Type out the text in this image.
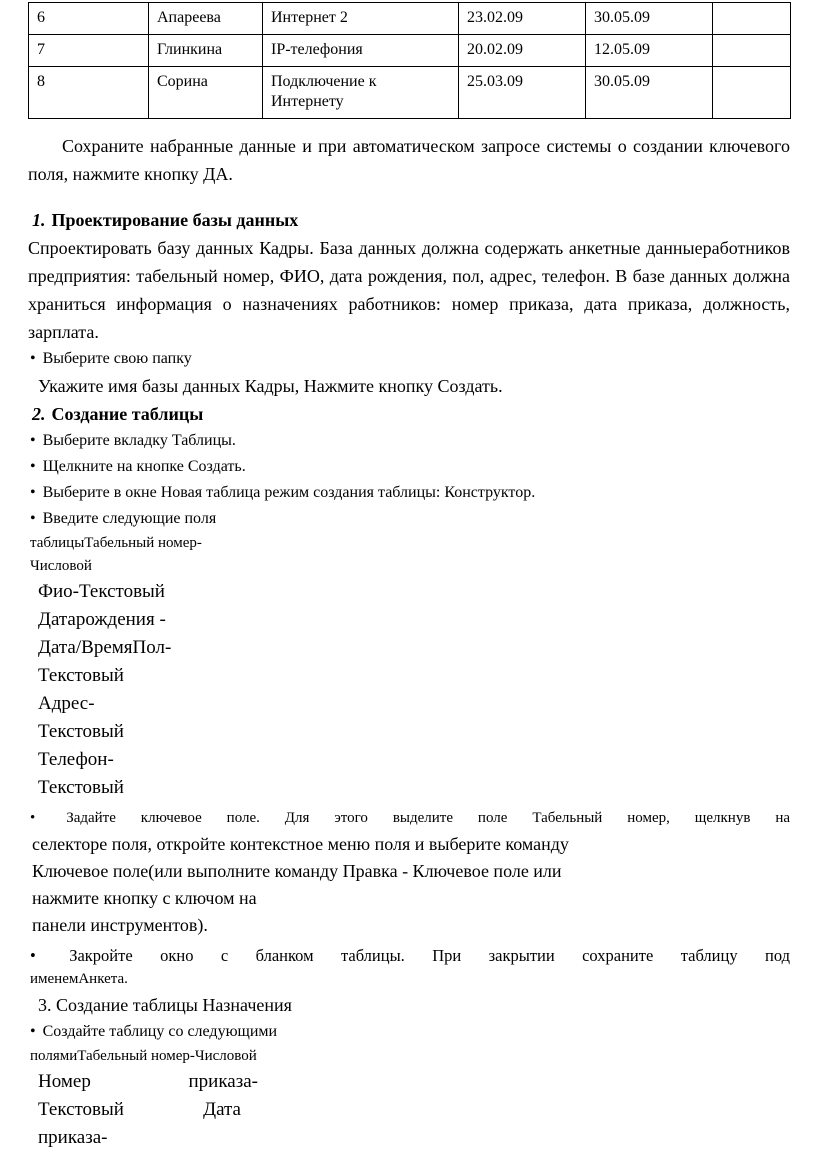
6	Апареева	Интернет 2	23.02.09	30.05.09	
7	Глинкина	IP-телефония	20.02.09	12.05.09	
8	Сорина	Подключение к Интернету	25.03.09	30.05.09	

Сохраните набранные данные и при автоматическом запросе системы о создании ключевого поля, нажмите кнопку ДА.

1. Проектирование базы данных

Спроектировать базу данных Кадры. База данных должна содержать анкетные данныеработников предприятия: табельный номер, ФИО, дата рождения, пол, адрес, телефон. В базе данных должна храниться информация о назначениях работников: номер приказа, дата приказа, должность, зарплата.

• Выберите свою папку
Укажите имя базы данных Кадры, Нажмите кнопку Создать.
2. Создание таблицы
• Выберите вкладку Таблицы.
• Щелкните на кнопке Создать.
• Выберите в окне Новая таблица режим создания таблицы: Конструктор.
• Введите следующие поля
таблицыТабельный номер-
Числовой
Фио-Текстовый
Датарождения -
Дата/ВремяПол-
Текстовый
Адрес-
Текстовый
Телефон-
Текстовый
• Задайте ключевое поле. Для этого выделите поле Табельный номер, щелкнув на
селекторе поля, откройте контекстное меню поля и выберите команду
Ключевое поле(или выполните команду Правка - Ключевое поле или
нажмите кнопку с ключом на
панели инструментов).
• Закройте окно с бланком таблицы. При закрытии сохраните таблицу под
именемАнкета.
3. Создание таблицы Назначения
• Создайте таблицу со следующими
полямиТабельный номер-Числовой
Номер	приказа-
Текстовый	Дата
приказа-
